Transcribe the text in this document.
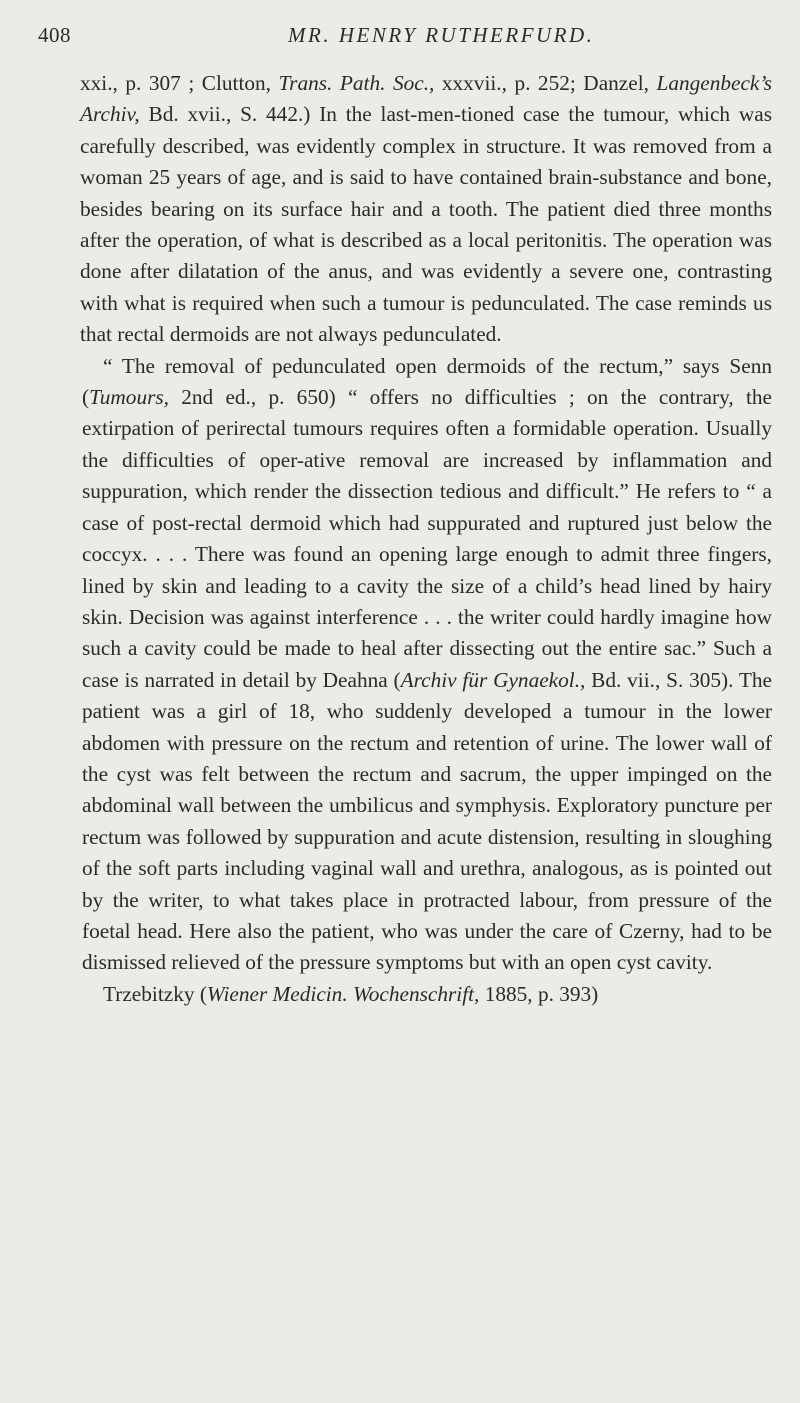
408	MR. HENRY RUTHERFURD.

xxi., p. 307 ; Clutton, Trans. Path. Soc., xxxvii., p. 252; Danzel, Langenbeck’s Archiv, Bd. xvii., S. 442.) In the last-men-tioned case the tumour, which was carefully described, was evidently complex in structure. It was removed from a woman 25 years of age, and is said to have contained brain-substance and bone, besides bearing on its surface hair and a tooth. The patient died three months after the operation, of what is described as a local peritonitis. The operation was done after dilatation of the anus, and was evidently a severe one, contrasting with what is required when such a tumour is pedunculated. The case reminds us that rectal dermoids are not always pedunculated.

“ The removal of pedunculated open dermoids of the rectum,” says Senn (Tumours, 2nd ed., p. 650) “ offers no difficulties ; on the contrary, the extirpation of perirectal tumours requires often a formidable operation. Usually the difficulties of oper-ative removal are increased by inflammation and suppuration, which render the dissection tedious and difficult.” He refers to “ a case of post-rectal dermoid which had suppurated and ruptured just below the coccyx. . . . There was found an opening large enough to admit three fingers, lined by skin and leading to a cavity the size of a child’s head lined by hairy skin. Decision was against interference . . . the writer could hardly imagine how such a cavity could be made to heal after dissecting out the entire sac.” Such a case is narrated in detail by Deahna (Archiv für Gynaekol., Bd. vii., S. 305). The patient was a girl of 18, who suddenly developed a tumour in the lower abdomen with pressure on the rectum and retention of urine. The lower wall of the cyst was felt between the rectum and sacrum, the upper impinged on the abdominal wall between the umbilicus and symphysis. Exploratory puncture per rectum was followed by suppuration and acute distension, resulting in sloughing of the soft parts including vaginal wall and urethra, analogous, as is pointed out by the writer, to what takes place in protracted labour, from pressure of the foetal head. Here also the patient, who was under the care of Czerny, had to be dismissed relieved of the pressure symptoms but with an open cyst cavity.

Trzebitzky (Wiener Medicin. Wochenschrift, 1885, p. 393)
